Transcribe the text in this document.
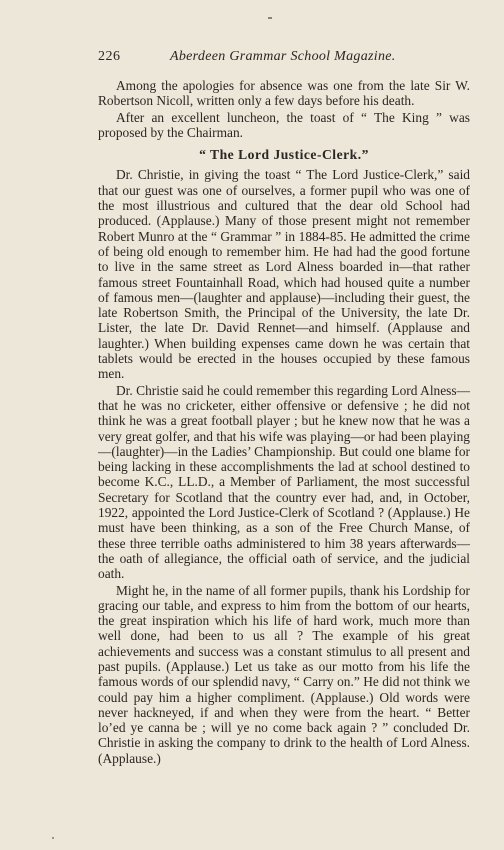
226	Aberdeen Grammar School Magazine.

Among the apologies for absence was one from the late Sir W. Robertson Nicoll, written only a few days before his death.

After an excellent luncheon, the toast of “ The King ” was proposed by the Chairman.

“ The Lord Justice-Clerk.”

Dr. Christie, in giving the toast “ The Lord Justice-Clerk,” said that our guest was one of ourselves, a former pupil who was one of the most illustrious and cultured that the dear old School had produced. (Applause.) Many of those present might not remember Robert Munro at the “ Grammar ” in 1884-85. He admitted the crime of being old enough to remember him. He had had the good fortune to live in the same street as Lord Alness boarded in—that rather famous street Fountainhall Road, which had housed quite a number of famous men—(laughter and applause)—including their guest, the late Robertson Smith, the Principal of the University, the late Dr. Lister, the late Dr. David Rennet—and himself. (Applause and laughter.) When building expenses came down he was certain that tablets would be erected in the houses occupied by these famous men.

Dr. Christie said he could remember this regarding Lord Alness—that he was no cricketer, either offensive or defensive ; he did not think he was a great football player ; but he knew now that he was a very great golfer, and that his wife was playing—or had been playing—(laughter)—in the Ladies’ Championship. But could one blame for being lacking in these accomplishments the lad at school destined to become K.C., LL.D., a Member of Parliament, the most successful Secretary for Scotland that the country ever had, and, in October, 1922, appointed the Lord Justice-Clerk of Scotland ? (Applause.) He must have been thinking, as a son of the Free Church Manse, of these three terrible oaths administered to him 38 years afterwards—the oath of allegiance, the official oath of service, and the judicial oath.

Might he, in the name of all former pupils, thank his Lordship for gracing our table, and express to him from the bottom of our hearts, the great inspiration which his life of hard work, much more than well done, had been to us all ? The example of his great achievements and success was a constant stimulus to all present and past pupils. (Applause.) Let us take as our motto from his life the famous words of our splendid navy, “ Carry on.” He did not think we could pay him a higher compliment. (Applause.) Old words were never hackneyed, if and when they were from the heart. “ Better lo’ed ye canna be ; will ye no come back again ? ” concluded Dr. Christie in asking the company to drink to the health of Lord Alness. (Applause.)
